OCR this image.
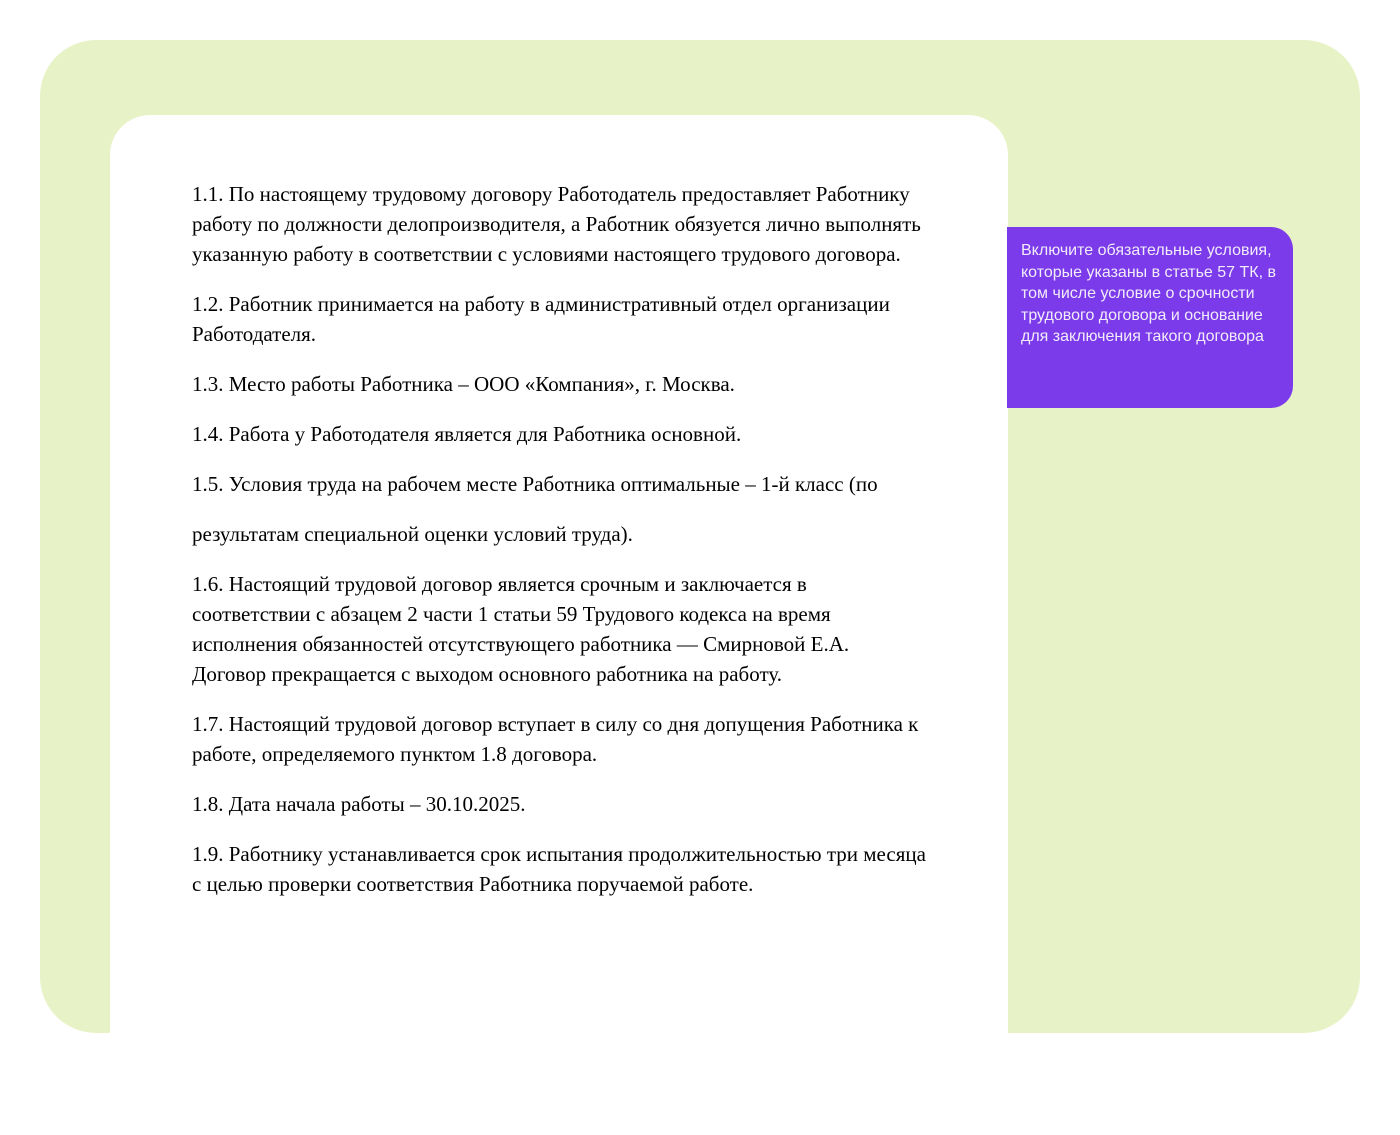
1.1. По настоящему трудовому договору Работодатель предоставляет Работнику работу по должности делопроизводителя, а Работник обязуется лично выполнять указанную работу в соответствии с условиями настоящего трудового договора.

1.2. Работник принимается на работу в административный отдел организации Работодателя.

1.3. Место работы Работника – ООО «Компания», г. Москва.

1.4. Работа у Работодателя является для Работника основной.

1.5. Условия труда на рабочем месте Работника оптимальные – 1-й класс (по

результатам специальной оценки условий труда).

1.6. Настоящий трудовой договор является срочным и заключается в соответствии с абзацем 2 части 1 статьи 59 Трудового кодекса на время исполнения обязанностей отсутствующего работника — Смирновой Е.А. Договор прекращается с выходом основного работника на работу.

1.7. Настоящий трудовой договор вступает в силу со дня допущения Работника к работе, определяемого пунктом 1.8 договора.

1.8. Дата начала работы – 30.10.2025.

1.9. Работнику устанавливается срок испытания продолжительностью три месяца с целью проверки соответствия Работника поручаемой работе.

Включите обязательные условия, которые указаны в статье 57 ТК, в том числе условие о срочности трудового договора и основание для заключения такого договора
